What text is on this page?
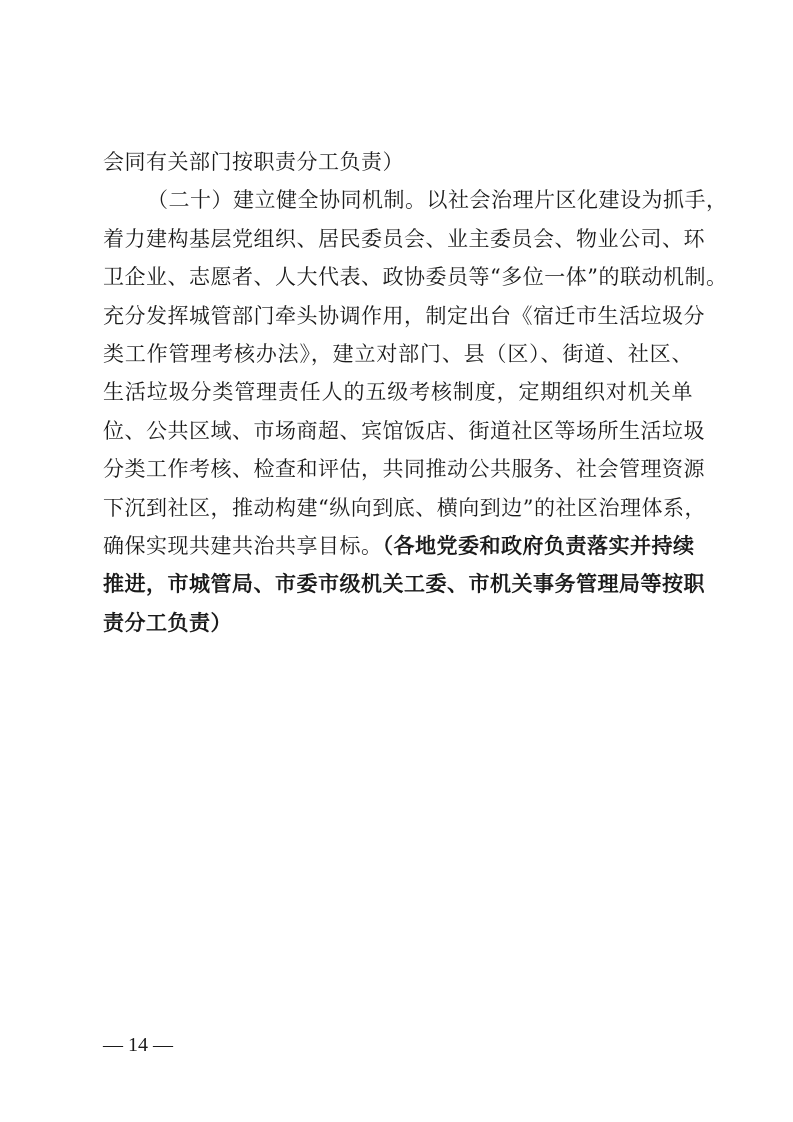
会同有关部门按职责分工负责）
（二十）建立健全协同机制。以社会治理片区化建设为抓手，
着力建构基层党组织、居民委员会、业主委员会、物业公司、环
卫企业、志愿者、人大代表、政协委员等“多位一体”的联动机制。
充分发挥城管部门牵头协调作用，制定出台《宿迁市生活垃圾分
类工作管理考核办法》，建立对部门、县（区）、街道、社区、
生活垃圾分类管理责任人的五级考核制度，定期组织对机关单
位、公共区域、市场商超、宾馆饭店、街道社区等场所生活垃圾
分类工作考核、检查和评估，共同推动公共服务、社会管理资源
下沉到社区，推动构建“纵向到底、横向到边”的社区治理体系，
确保实现共建共治共享目标。（各地党委和政府负责落实并持续
推进，市城管局、市委市级机关工委、市机关事务管理局等按职
责分工负责）
— 14 —
